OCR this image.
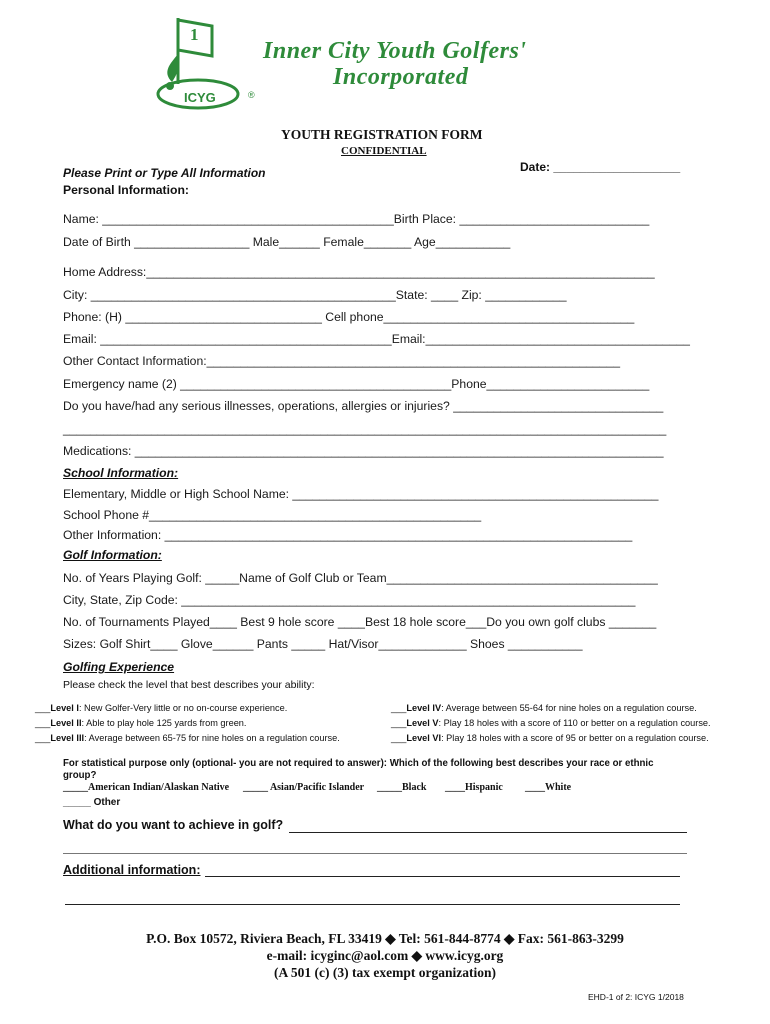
1
ICYG	®
Inner City Youth Golfers'
Incorporated
YOUTH REGISTRATION FORM
CONFIDENTIAL
Please Print or Type All Information	Date: ___________________
Personal Information:
Name: ___________________________________________Birth Place: ____________________________
Date of Birth _________________ Male______ Female_______ Age___________
Home Address:___________________________________________________________________________
City: _____________________________________________State: ____ Zip: ____________
Phone: (H) _____________________________ Cell phone_____________________________________
Email: ___________________________________________Email:_______________________________________
Other Contact Information:_____________________________________________________________
Emergency name (2) ________________________________________Phone________________________
Do you have/had any serious illnesses, operations, allergies or injuries? _______________________________
_________________________________________________________________________________________
Medications: ______________________________________________________________________________
School Information:
Elementary, Middle or High School Name: ______________________________________________________
School Phone #_________________________________________________
Other Information: _____________________________________________________________________
Golf Information:
No. of Years Playing Golf: _____Name of Golf Club or Team________________________________________
City, State, Zip Code: ___________________________________________________________________
No. of Tournaments Played____ Best 9 hole score ____Best 18 hole score___Do you own golf clubs _______
Sizes: Golf Shirt____ Glove______ Pants _____ Hat/Visor_____________ Shoes ___________
Golfing Experience
Please check the level that best describes your ability:
___Level I: New Golfer-Very little or no on-course experience.
___Level II: Able to play hole 125 yards from green.
___Level III: Average between 65-75 for nine holes on a regulation course.
___Level IV: Average between 55-64 for nine holes on a regulation course.
___Level V: Play 18 holes with a score of 110 or better on a regulation course.
___Level VI: Play 18 holes with a score of 95 or better on a regulation course.
For statistical purpose only (optional- you are not required to answer): Which of the following best describes your race or ethnic
group?
_____American Indian/Alaskan Native _____ Asian/Pacific Islander _____Black ____Hispanic ____White
_____ Other
What do you want to achieve in golf?
Additional information:
P.O. Box 10572, Riviera Beach, FL 33419 ◆ Tel: 561-844-8774 ◆ Fax: 561-863-3299
e-mail: icyginc@aol.com ◆ www.icyg.org
(A 501 (c) (3) tax exempt organization)
EHD-1 of 2: ICYG 1/2018
